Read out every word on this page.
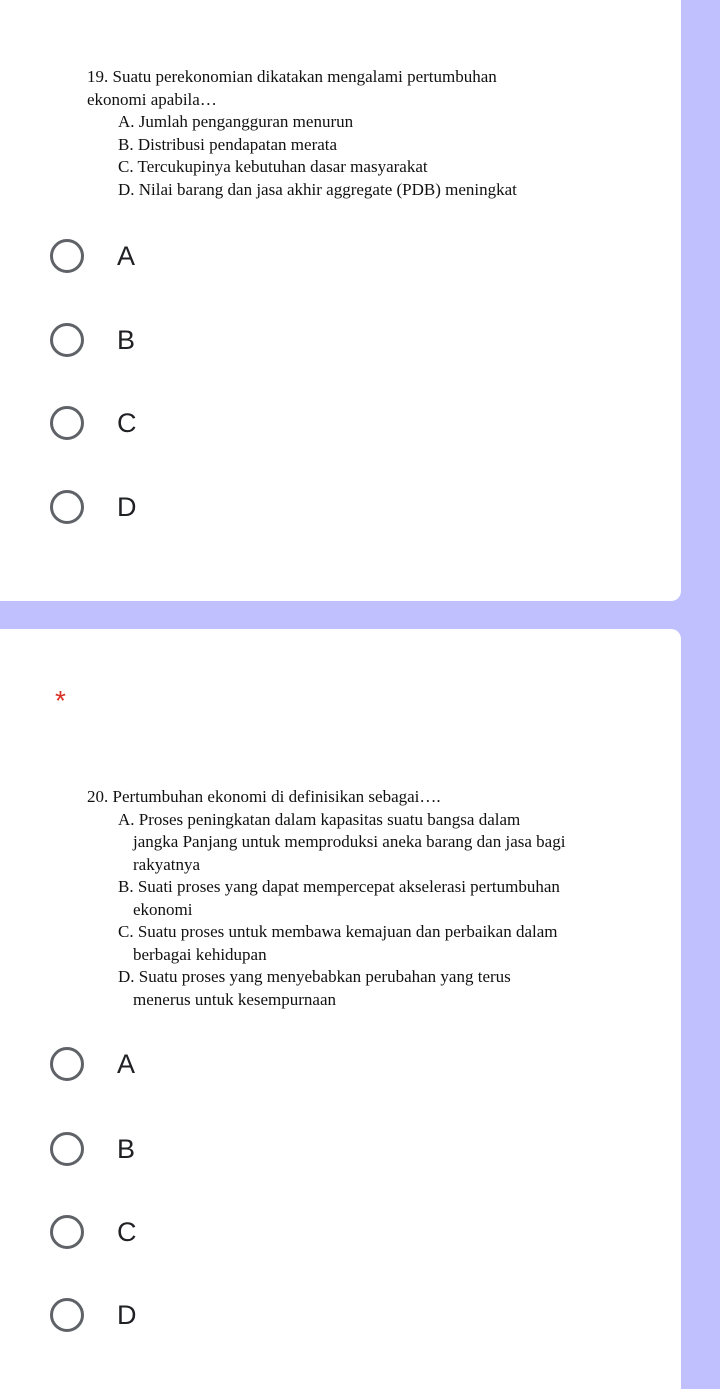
19. Suatu perekonomian dikatakan mengalami pertumbuhan
ekonomi apabila…
A. Jumlah pengangguran menurun
B. Distribusi pendapatan merata
C. Tercukupinya kebutuhan dasar masyarakat
D. Nilai barang dan jasa akhir aggregate (PDB) meningkat
A
B
C
D
*
20. Pertumbuhan ekonomi di definisikan sebagai….
A. Proses peningkatan dalam kapasitas suatu bangsa dalam
jangka Panjang untuk memproduksi aneka barang dan jasa bagi
rakyatnya
B. Suati proses yang dapat mempercepat akselerasi pertumbuhan
ekonomi
C. Suatu proses untuk membawa kemajuan dan perbaikan dalam
berbagai kehidupan
D. Suatu proses yang menyebabkan perubahan yang terus
menerus untuk kesempurnaan
A
B
C
D
